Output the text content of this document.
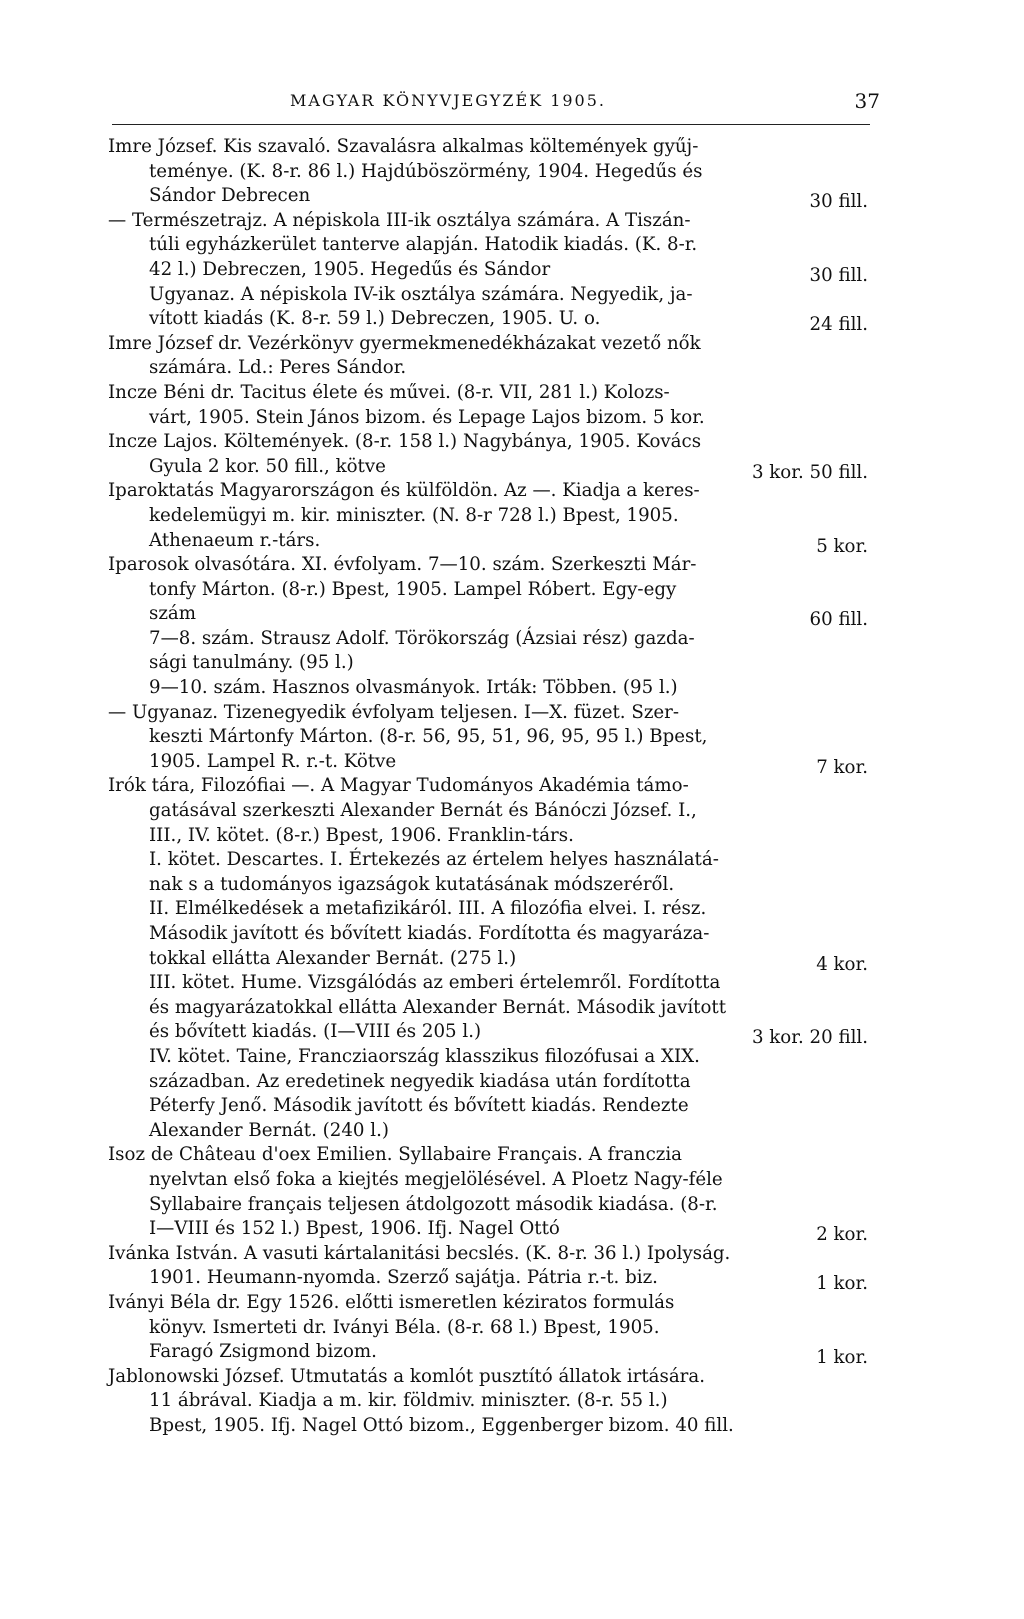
MAGYAR KÖNYVJEGYZÉK 1905.	37
Imre József. Kis szavaló. Szavalásra alkalmas költemények gyűj-
teménye. (K. 8-r. 86 l.) Hajdúböszörmény, 1904. Hegedűs és
Sándor Debrecen	30 fill.
— Természetrajz. A népiskola III-ik osztálya számára. A Tiszán-
túli egyházkerület tanterve alapján. Hatodik kiadás. (K. 8-r.
42 l.) Debreczen, 1905. Hegedűs és Sándor	30 fill.
Ugyanaz. A népiskola IV-ik osztálya számára. Negyedik, ja-
vított kiadás (K. 8-r. 59 l.) Debreczen, 1905. U. o.	24 fill.
Imre József dr. Vezérkönyv gyermekmenedékházakat vezető nők
számára. Ld.: Peres Sándor.
Incze Béni dr. Tacitus élete és művei. (8-r. VII, 281 l.) Kolozs-
várt, 1905. Stein János bizom. és Lepage Lajos bizom. 5 kor.
Incze Lajos. Költemények. (8-r. 158 l.) Nagybánya, 1905. Kovács
Gyula 2 kor. 50 fill., kötve	3 kor. 50 fill.
Iparoktatás Magyarországon és külföldön. Az —. Kiadja a keres-
kedelemügyi m. kir. miniszter. (N. 8-r 728 l.) Bpest, 1905.
Athenaeum r.-társ.	5 kor.
Iparosok olvasótára. XI. évfolyam. 7—10. szám. Szerkeszti Már-
tonfy Márton. (8-r.) Bpest, 1905. Lampel Róbert. Egy-egy
szám	60 fill.
7—8. szám. Strausz Adolf. Törökország (Ázsiai rész) gazda-
sági tanulmány. (95 l.)
9—10. szám. Hasznos olvasmányok. Irták: Többen. (95 l.)
— Ugyanaz. Tizenegyedik évfolyam teljesen. I—X. füzet. Szer-
keszti Mártonfy Márton. (8-r. 56, 95, 51, 96, 95, 95 l.) Bpest,
1905. Lampel R. r.-t. Kötve	7 kor.
Irók tára, Filozófiai —. A Magyar Tudományos Akadémia támo-
gatásával szerkeszti Alexander Bernát és Bánóczi József. I.,
III., IV. kötet. (8-r.) Bpest, 1906. Franklin-társ.
I. kötet. Descartes. I. Értekezés az értelem helyes használatá-
nak s a tudományos igazságok kutatásának módszeréről.
II. Elmélkedések a metafizikáról. III. A filozófia elvei. I. rész.
Második javított és bővített kiadás. Fordította és magyaráza-
tokkal ellátta Alexander Bernát. (275 l.)	4 kor.
III. kötet. Hume. Vizsgálódás az emberi értelemről. Fordította
és magyarázatokkal ellátta Alexander Bernát. Második javított
és bővített kiadás. (I—VIII és 205 l.)	3 kor. 20 fill.
IV. kötet. Taine, Francziaország klasszikus filozófusai a XIX.
században. Az eredetinek negyedik kiadása után fordította
Péterfy Jenő. Második javított és bővített kiadás. Rendezte
Alexander Bernát. (240 l.)
Isoz de Château d'oex Emilien. Syllabaire Français. A franczia
nyelvtan első foka a kiejtés megjelölésével. A Ploetz Nagy-féle
Syllabaire français teljesen átdolgozott második kiadása. (8-r.
I—VIII és 152 l.) Bpest, 1906. Ifj. Nagel Ottó	2 kor.
Ivánka István. A vasuti kártalanitási becslés. (K. 8-r. 36 l.) Ipolyság.
1901. Heumann-nyomda. Szerző sajátja. Pátria r.-t. biz.	1 kor.
Iványi Béla dr. Egy 1526. előtti ismeretlen kéziratos formulás
könyv. Ismerteti dr. Iványi Béla. (8-r. 68 l.) Bpest, 1905.
Faragó Zsigmond bizom.	1 kor.
Jablonowski József. Utmutatás a komlót pusztító állatok irtására.
11 ábrával. Kiadja a m. kir. földmiv. miniszter. (8-r. 55 l.)
Bpest, 1905. Ifj. Nagel Ottó bizom., Eggenberger bizom. 40 fill.
